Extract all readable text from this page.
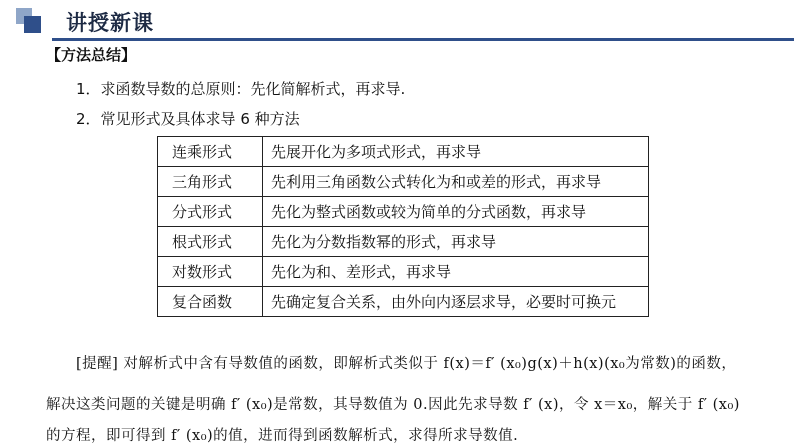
讲授新课
【方法总结】
1．求函数导数的总原则：先化简解析式，再求导.
2．常见形式及具体求导 6 种方法
连乘形式	先展开化为多项式形式，再求导
三角形式	先利用三角函数公式转化为和或差的形式，再求导
分式形式	先化为整式函数或较为简单的分式函数，再求导
根式形式	先化为分数指数幂的形式，再求导
对数形式	先化为和、差形式，再求导
复合函数	先确定复合关系，由外向内逐层求导，必要时可换元
[提醒] 对解析式中含有导数值的函数，即解析式类似于 f(x)＝f′ (x₀)g(x)＋h(x)(x₀为常数)的函数，
解决这类问题的关键是明确 f′ (x₀)是常数，其导数值为 0.因此先求导数 f′ (x)，令 x＝x₀，解关于 f′ (x₀)
的方程，即可得到 f′ (x₀)的值，进而得到函数解析式，求得所求导数值.
